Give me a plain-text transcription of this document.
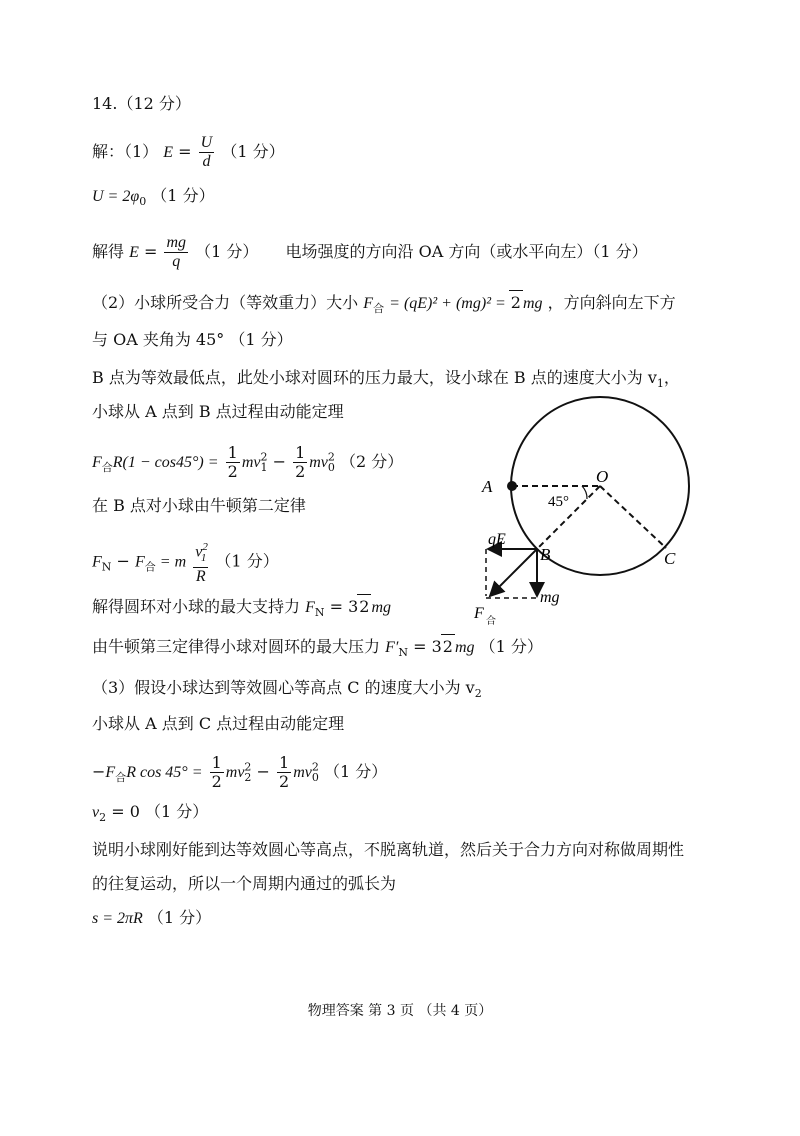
14.（12 分）
解：（1） $E = \frac{U}{d} (1$ 分）
$U = 2\varphi_0$ （1 分）
解得 $E = \frac{mg}{q} (1$ 分） 电场强度的方向沿 OA 方向（或水平向左）（1 分）
（2）小球所受合力（等效重力）大小 $F_合 = (qE)^2 + (mg)^2 = 2$ mg ，方向斜向左下方
与 OA 夹角为 45° （1 分）
B 点为等效最低点，此处小球对圆环的压力最大，设小球在 B 点的速度大小为 $v_1$，
小球从 A 点到 B 点过程由动能定理
$F_合R(1 - \cos 45^\circ) = \frac{1}{2} mv^2_1 - \frac{1}{2} mv^2_0$ （2 分）
在 B 点对小球由牛顿第二定律
$F_N - F_合 = m \frac{v^2_1}{R} (1$ 分）
解得圆环对小球的最大支持力 $F_N = 32$ mg
由牛顿第三定律得小球对圆环的最大压力 $F'_N = 32$ mg （1 分）
（3）假设小球达到等效圆心等高点 C 的速度大小为 $v_2$
小球从 A 点到 C 点过程由动能定理
$-F_合R$ $\cos 45^\circ = \frac{1}{2} mv^2_2 - \frac{1}{2} mv^2_0$ （1 分）
$v_2 = 0$ （1 分）
说明小球刚好能到达等效圆心等高点，不脱离轨道，然后关于合力方向对称做周期性
的往复运动，所以一个周期内通过的弧长为
s = 2πR （1 分）
A
O
45°
B	C
qE
mg
F 合
物理答案 第 3 页 （共 4 页）
